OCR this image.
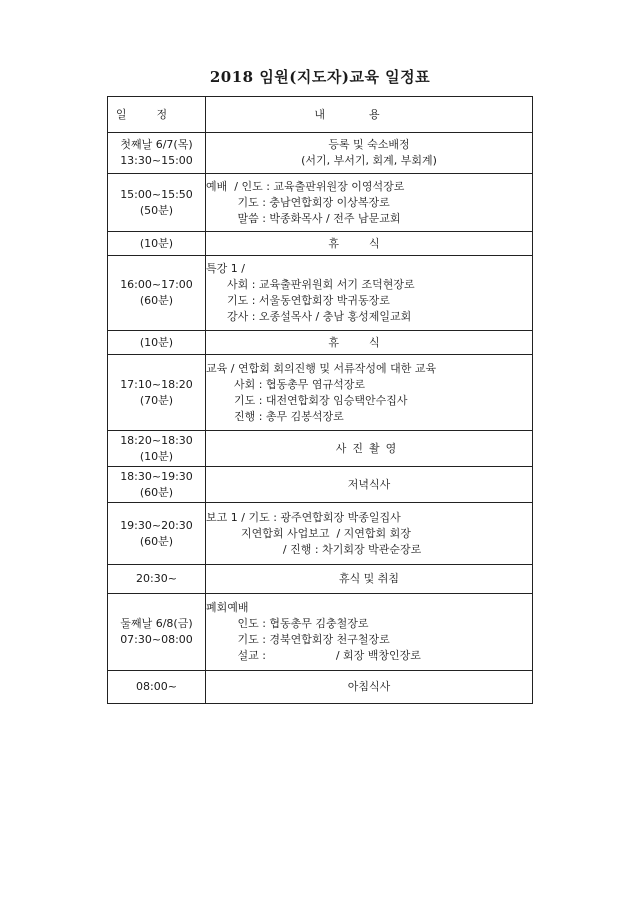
2018 임원(지도자)교육 일정표
일정	내용

첫째날 6/7(목)
13:30~15:00	등록 및 숙소배정
(서기, 부서기, 회계, 부회계)

15:00~15:50
(50분)	예배  / 인도 : 교육출판위원장 이영석장로
기도 : 충남연합회장 이상복장로
말씀 : 박종화목사 / 전주 남문교회

(10분)	휴식

16:00~17:00
(60분)	특강 1 /
사회 : 교육출판위원회 서기 조덕현장로
기도 : 서울동연합회장 박귀동장로
강사 : 오종설목사 / 충남 홍성제일교회

(10분)	휴식

17:10~18:20
(70분)	교육 / 연합회 회의진행 및 서류작성에 대한 교육
사회 : 협동총무 염규석장로
기도 : 대전연합회장 임승택안수집사
진행 : 총무 김봉석장로

18:20~18:30
(10분)	사진촬영

18:30~19:30
(60분)	저녁식사

19:30~20:30
(60분)	보고 1 / 기도 : 광주연합회장 박종일집사
지연합회 사업보고  / 지연합회 회장
/ 진행 : 차기회장 박관순장로

20:30~	휴식 및 취침

둘째날 6/8(금)
07:30~08:00	폐회예배
인도 : 협동총무 김충철장로
기도 : 경북연합회장 천구철장로
설교 :                    / 회장 백창인장로

08:00~	아침식사
